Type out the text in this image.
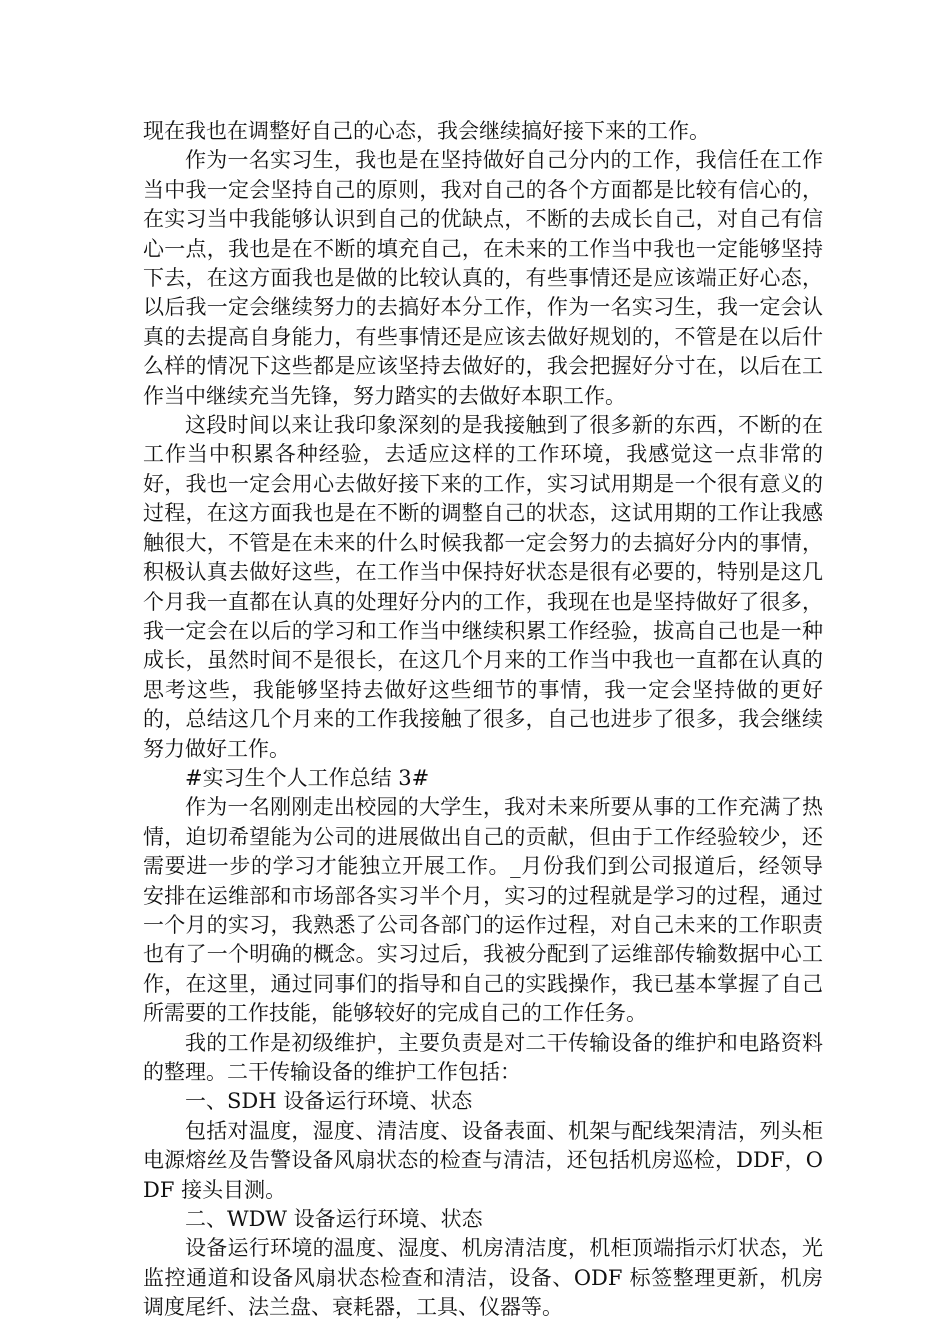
现在我也在调整好自己的心态，我会继续搞好接下来的工作。

作为一名实习生，我也是在坚持做好自己分内的工作，我信任在工作当中我一定会坚持自己的原则，我对自己的各个方面都是比较有信心的，在实习当中我能够认识到自己的优缺点，不断的去成长自己，对自己有信心一点，我也是在不断的填充自己，在未来的工作当中我也一定能够坚持下去，在这方面我也是做的比较认真的，有些事情还是应该端正好心态，以后我一定会继续努力的去搞好本分工作，作为一名实习生，我一定会认真的去提高自身能力，有些事情还是应该去做好规划的，不管是在以后什么样的情况下这些都是应该坚持去做好的，我会把握好分寸在，以后在工作当中继续充当先锋，努力踏实的去做好本职工作。

这段时间以来让我印象深刻的是我接触到了很多新的东西，不断的在工作当中积累各种经验，去适应这样的工作环境，我感觉这一点非常的好，我也一定会用心去做好接下来的工作，实习试用期是一个很有意义的过程，在这方面我也是在不断的调整自己的状态，这试用期的工作让我感触很大，不管是在未来的什么时候我都一定会努力的去搞好分内的事情，积极认真去做好这些，在工作当中保持好状态是很有必要的，特别是这几个月我一直都在认真的处理好分内的工作，我现在也是坚持做好了很多，我一定会在以后的学习和工作当中继续积累工作经验，拔高自己也是一种成长，虽然时间不是很长，在这几个月来的工作当中我也一直都在认真的思考这些，我能够坚持去做好这些细节的事情，我一定会坚持做的更好的，总结这几个月来的工作我接触了很多，自己也进步了很多，我会继续努力做好工作。

#实习生个人工作总结 3#

作为一名刚刚走出校园的大学生，我对未来所要从事的工作充满了热情，迫切希望能为公司的进展做出自己的贡献，但由于工作经验较少，还需要进一步的学习才能独立开展工作。_月份我们到公司报道后，经领导安排在运维部和市场部各实习半个月，实习的过程就是学习的过程，通过一个月的实习，我熟悉了公司各部门的运作过程，对自己未来的工作职责也有了一个明确的概念。实习过后，我被分配到了运维部传输数据中心工作，在这里，通过同事们的指导和自己的实践操作，我已基本掌握了自己所需要的工作技能，能够较好的完成自己的工作任务。

我的工作是初级维护，主要负责是对二干传输设备的维护和电路资料的整理。二干传输设备的维护工作包括：

一、SDH 设备运行环境、状态

包括对温度，湿度、清洁度、设备表面、机架与配线架清洁，列头柜电源熔丝及告警设备风扇状态的检查与清洁，还包括机房巡检，DDF，ODF 接头目测。

二、WDW 设备运行环境、状态

设备运行环境的温度、湿度、机房清洁度，机柜顶端指示灯状态，光监控通道和设备风扇状态检查和清洁，设备、ODF 标签整理更新，机房调度尾纤、法兰盘、衰耗器，工具、仪器等。
